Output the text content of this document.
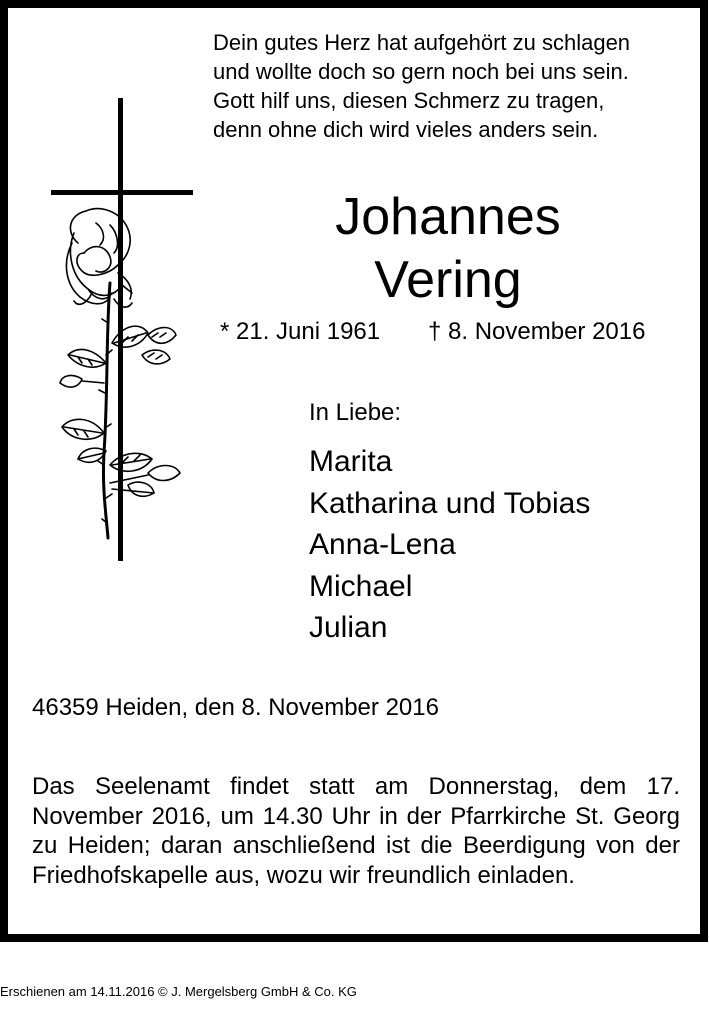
Dein gutes Herz hat aufgehört zu schlagen
und wollte doch so gern noch bei uns sein.
Gott hilf uns, diesen Schmerz zu tragen,
denn ohne dich wird vieles anders sein.
Johannes
Vering
* 21. Juni 1961 † 8. November 2016
In Liebe:
Marita
Katharina und Tobias
Anna-Lena
Michael
Julian
46359 Heiden, den 8. November 2016
Das Seelenamt findet statt am Donnerstag, dem 17. November 2016, um 14.30 Uhr in der Pfarrkirche St. Georg zu Heiden; daran anschließend ist die Beerdigung von der Friedhofskapelle aus, wozu wir freundlich einladen.
Erschienen am 14.11.2016 © J. Mergelsberg GmbH & Co. KG
